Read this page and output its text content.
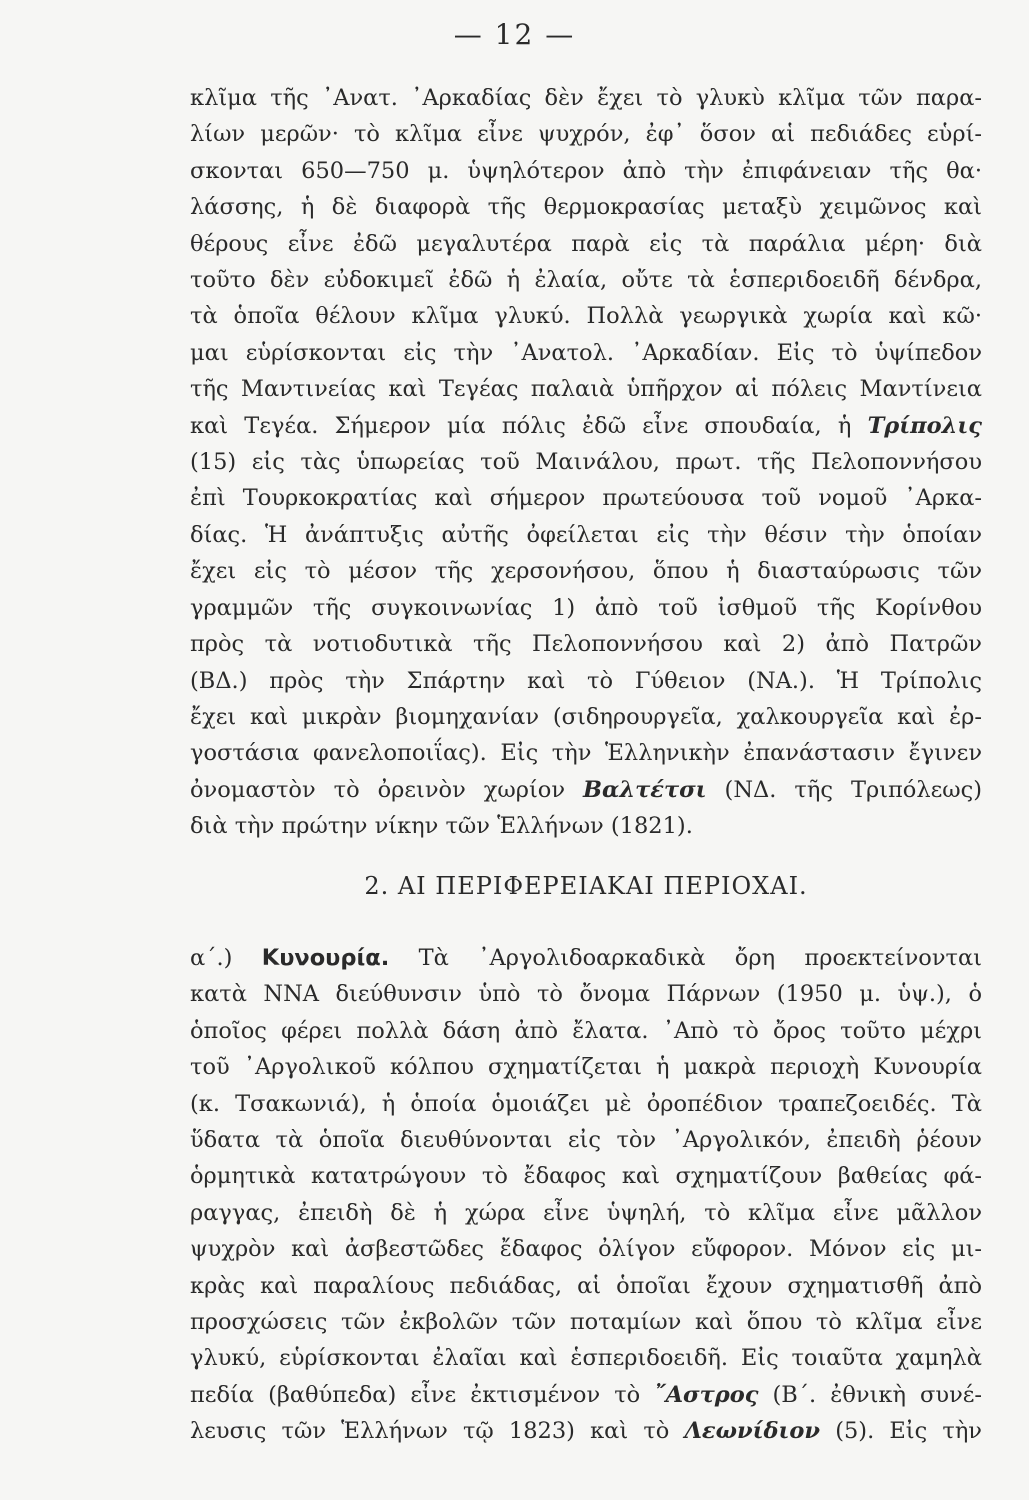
— 12 —
κλῖμα τῆς ᾿Ανατ. ᾿Αρκαδίας δὲν ἔχει τὸ γλυκὺ κλῖμα τῶν παρα-
λίων μερῶν· τὸ κλῖμα εἶνε ψυχρόν, ἐφ᾿ ὅσον αἱ πεδιάδες εὑρί-
σκονται 650—750 μ. ὑψηλότερον ἀπὸ τὴν ἐπιφάνειαν τῆς θα·
λάσσης, ἡ δὲ διαφορὰ τῆς θερμοκρασίας μεταξὺ χειμῶνος καὶ
θέρους εἶνε ἐδῶ μεγαλυτέρα παρὰ εἰς τὰ παράλια μέρη· διὰ
τοῦτο δὲν εὐδοκιμεῖ ἐδῶ ἡ ἐλαία, οὔτε τὰ ἑσπεριδοειδῆ δένδρα,
τὰ ὁποῖα θέλουν κλῖμα γλυκύ. Πολλὰ γεωργικὰ χωρία καὶ κῶ·
μαι εὑρίσκονται εἰς τὴν ᾿Ανατολ. ᾿Αρκαδίαν. Εἰς τὸ ὑψίπεδον
τῆς Μαντινείας καὶ Τεγέας παλαιὰ ὑπῆρχον αἱ πόλεις Μαντίνεια
καὶ Τεγέα. Σήμερον μία πόλις ἐδῶ εἶνε σπουδαία, ἡ Τρίπολις
(15) εἰς τὰς ὑπωρείας τοῦ Μαινάλου, πρωτ. τῆς Πελοποννήσου
ἐπὶ Τουρκοκρατίας καὶ σήμερον πρωτεύουσα τοῦ νομοῦ ᾿Αρκα-
δίας. Ἡ ἀνάπτυξις αὐτῆς ὀφείλεται εἰς τὴν θέσιν τὴν ὁποίαν
ἔχει εἰς τὸ μέσον τῆς χερσονήσου, ὅπου ἡ διασταύρωσις τῶν
γραμμῶν τῆς συγκοινωνίας 1) ἀπὸ τοῦ ἰσθμοῦ τῆς Κορίνθου
πρὸς τὰ νοτιοδυτικὰ τῆς Πελοποννήσου καὶ 2) ἀπὸ Πατρῶν
(ΒΔ.) πρὸς τὴν Σπάρτην καὶ τὸ Γύθειον (ΝΑ.). Ἡ Τρίπολις
ἔχει καὶ μικρὰν βιομηχανίαν (σιδηρουργεῖα, χαλκουργεῖα καὶ ἐρ-
γοστάσια φανελοποιΐας). Εἰς τὴν Ἑλληνικὴν ἐπανάστασιν ἔγινεν
ὀνομαστὸν τὸ ὀρεινὸν χωρίον Βαλτέτσι (ΝΔ. τῆς Τριπόλεως)
διὰ τὴν πρώτην νίκην τῶν Ἑλλήνων (1821).
2. ΑΙ ΠΕΡΙΦΕΡΕΙΑΚΑΙ ΠΕΡΙΟΧΑΙ.
α΄.) Κυνουρία. Τὰ ᾿Αργολιδοαρκαδικὰ ὄρη προεκτείνονται
κατὰ ΝΝΑ διεύθυνσιν ὑπὸ τὸ ὄνομα Πάρνων (1950 μ. ὑψ.), ὁ
ὁποῖος φέρει πολλὰ δάση ἀπὸ ἔλατα. ᾿Απὸ τὸ ὄρος τοῦτο μέχρι
τοῦ ᾿Αργολικοῦ κόλπου σχηματίζεται ἡ μακρὰ περιοχὴ Κυνουρία
(κ. Τσακωνιά), ἡ ὁποία ὁμοιάζει μὲ ὀροπέδιον τραπεζοειδές. Τὰ
ὕδατα τὰ ὁποῖα διευθύνονται εἰς τὸν ᾿Αργολικόν, ἐπειδὴ ῥέουν
ὁρμητικὰ κατατρώγουν τὸ ἔδαφος καὶ σχηματίζουν βαθείας φά-
ραγγας, ἐπειδὴ δὲ ἡ χώρα εἶνε ὑψηλή, τὸ κλῖμα εἶνε μᾶλλον
ψυχρὸν καὶ ἀσβεστῶδες ἔδαφος ὀλίγον εὔφορον. Μόνον εἰς μι-
κρὰς καὶ παραλίους πεδιάδας, αἱ ὁποῖαι ἔχουν σχηματισθῆ ἀπὸ
προσχώσεις τῶν ἐκβολῶν τῶν ποταμίων καὶ ὅπου τὸ κλῖμα εἶνε
γλυκύ, εὑρίσκονται ἐλαῖαι καὶ ἑσπεριδοειδῆ. Εἰς τοιαῦτα χαμηλὰ
πεδία (βαθύπεδα) εἶνε ἐκτισμένον τὸ ῎Αστρος (Β΄. ἐθνικὴ συνέ-
λευσις τῶν Ἑλλήνων τῷ 1823) καὶ τὸ Λεωνίδιον (5). Εἰς τὴν
